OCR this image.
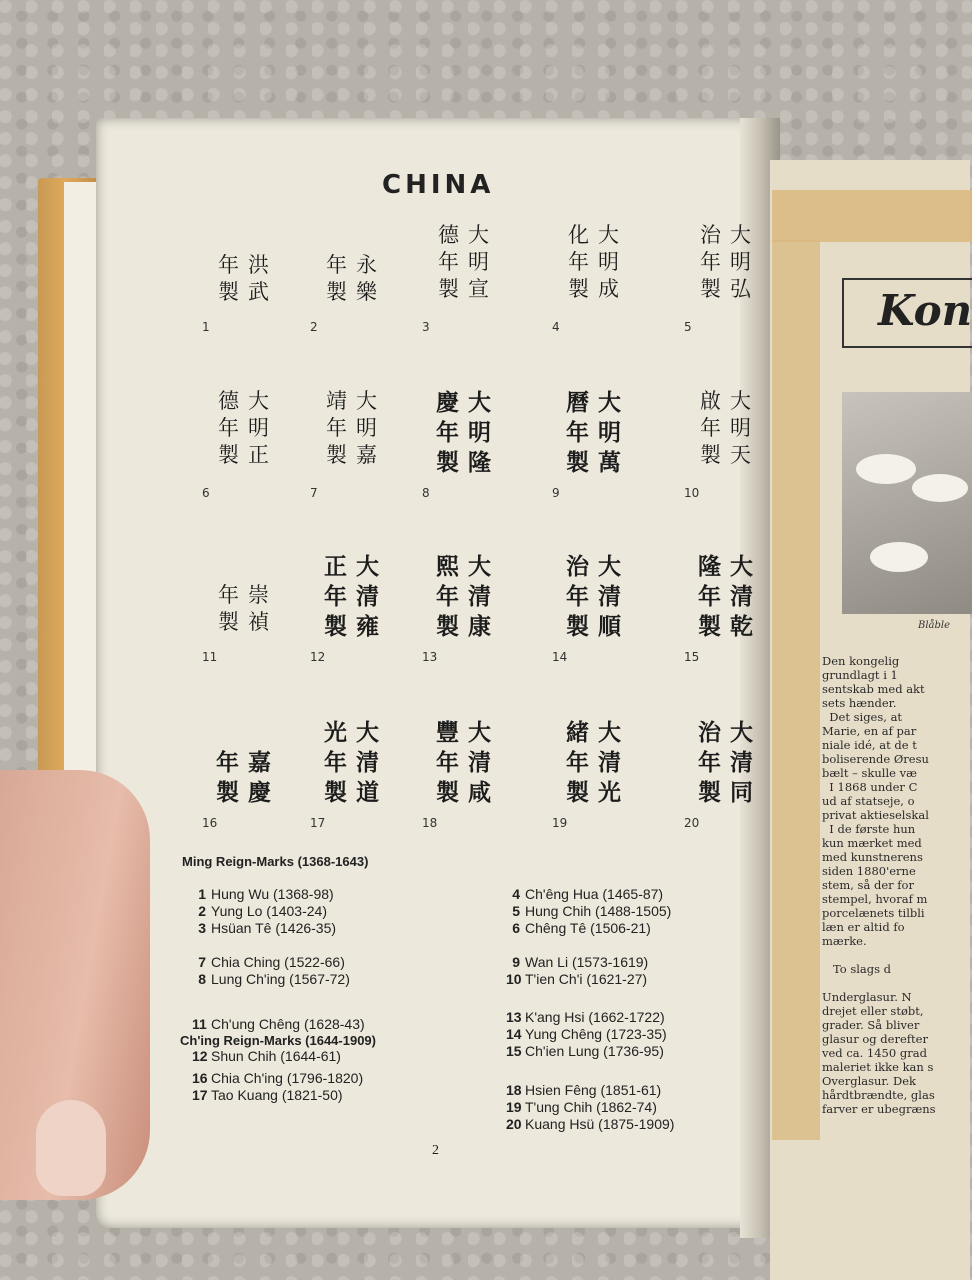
Kon
Blåble
Den kongelig
grundlagt i 1
sentskab med akt
sets hænder.
Det siges, at
Marie, en af par
niale idé, at de t
boliserende Øresu
bælt – skulle væ
I 1868 under C
ud af statseje, o
privat aktieselskal
I de første hun
kun mærket med
med kunstnerens
siden 1880'erne
stem, så der for
stempel, hvoraf m
porcelænets tilbli
læn er altid fo
mærke.

To slags d

Underglasur. N
drejet eller støbt,
grader. Så bliver
glasur og derefter
ved ca. 1450 grad
maleriet ikke kan s
Overglasur. Dek
hårdtbrændte, glas
farver er ubegræns
CHINA
洪
武
年
製
1
永
樂
年
製
2
大
明
宣
德
年
製
3
大
明
成
化
年
製
4
大
明
弘
治
年
製
5
大
明
正
德
年
製
6
大
明
嘉
靖
年
製
7
大
明
隆
慶
年
製
8
大
明
萬
曆
年
製
9
大
明
天
啟
年
製
10
崇
禎
年
製
11
大
清
雍
正
年
製
12
大
清
康
熙
年
製
13
大
清
順
治
年
製
14
大
清
乾
隆
年
製
15
嘉
慶
年
製
16
大
清
道
光
年
製
17
大
清
咸
豐
年
製
18
大
清
光
緒
年
製
19
大
清
同
治
年
製
20
Ming Reign-Marks (1368-1643)
Ch'ing Reign-Marks (1644-1909)
1 Hung Wu (1368-98)
2 Yung Lo (1403-24)
3 Hsüan Tê (1426-35)
7 Chia Ching (1522-66)
8 Lung Ch'ing (1567-72)
11 Ch'ung Chêng (1628-43)
12 Shun Chih (1644-61)
16 Chia Ch'ing (1796-1820)
17 Tao Kuang (1821-50)
4 Ch'êng Hua (1465-87)
5 Hung Chih (1488-1505)
6 Chêng Tê (1506-21)
9 Wan Li (1573-1619)
10 T'ien Ch'i (1621-27)
13 K'ang Hsi (1662-1722)
14 Yung Chêng (1723-35)
15 Ch'ien Lung (1736-95)
18 Hsien Fêng (1851-61)
19 T'ung Chih (1862-74)
20 Kuang Hsü (1875-1909)
2
